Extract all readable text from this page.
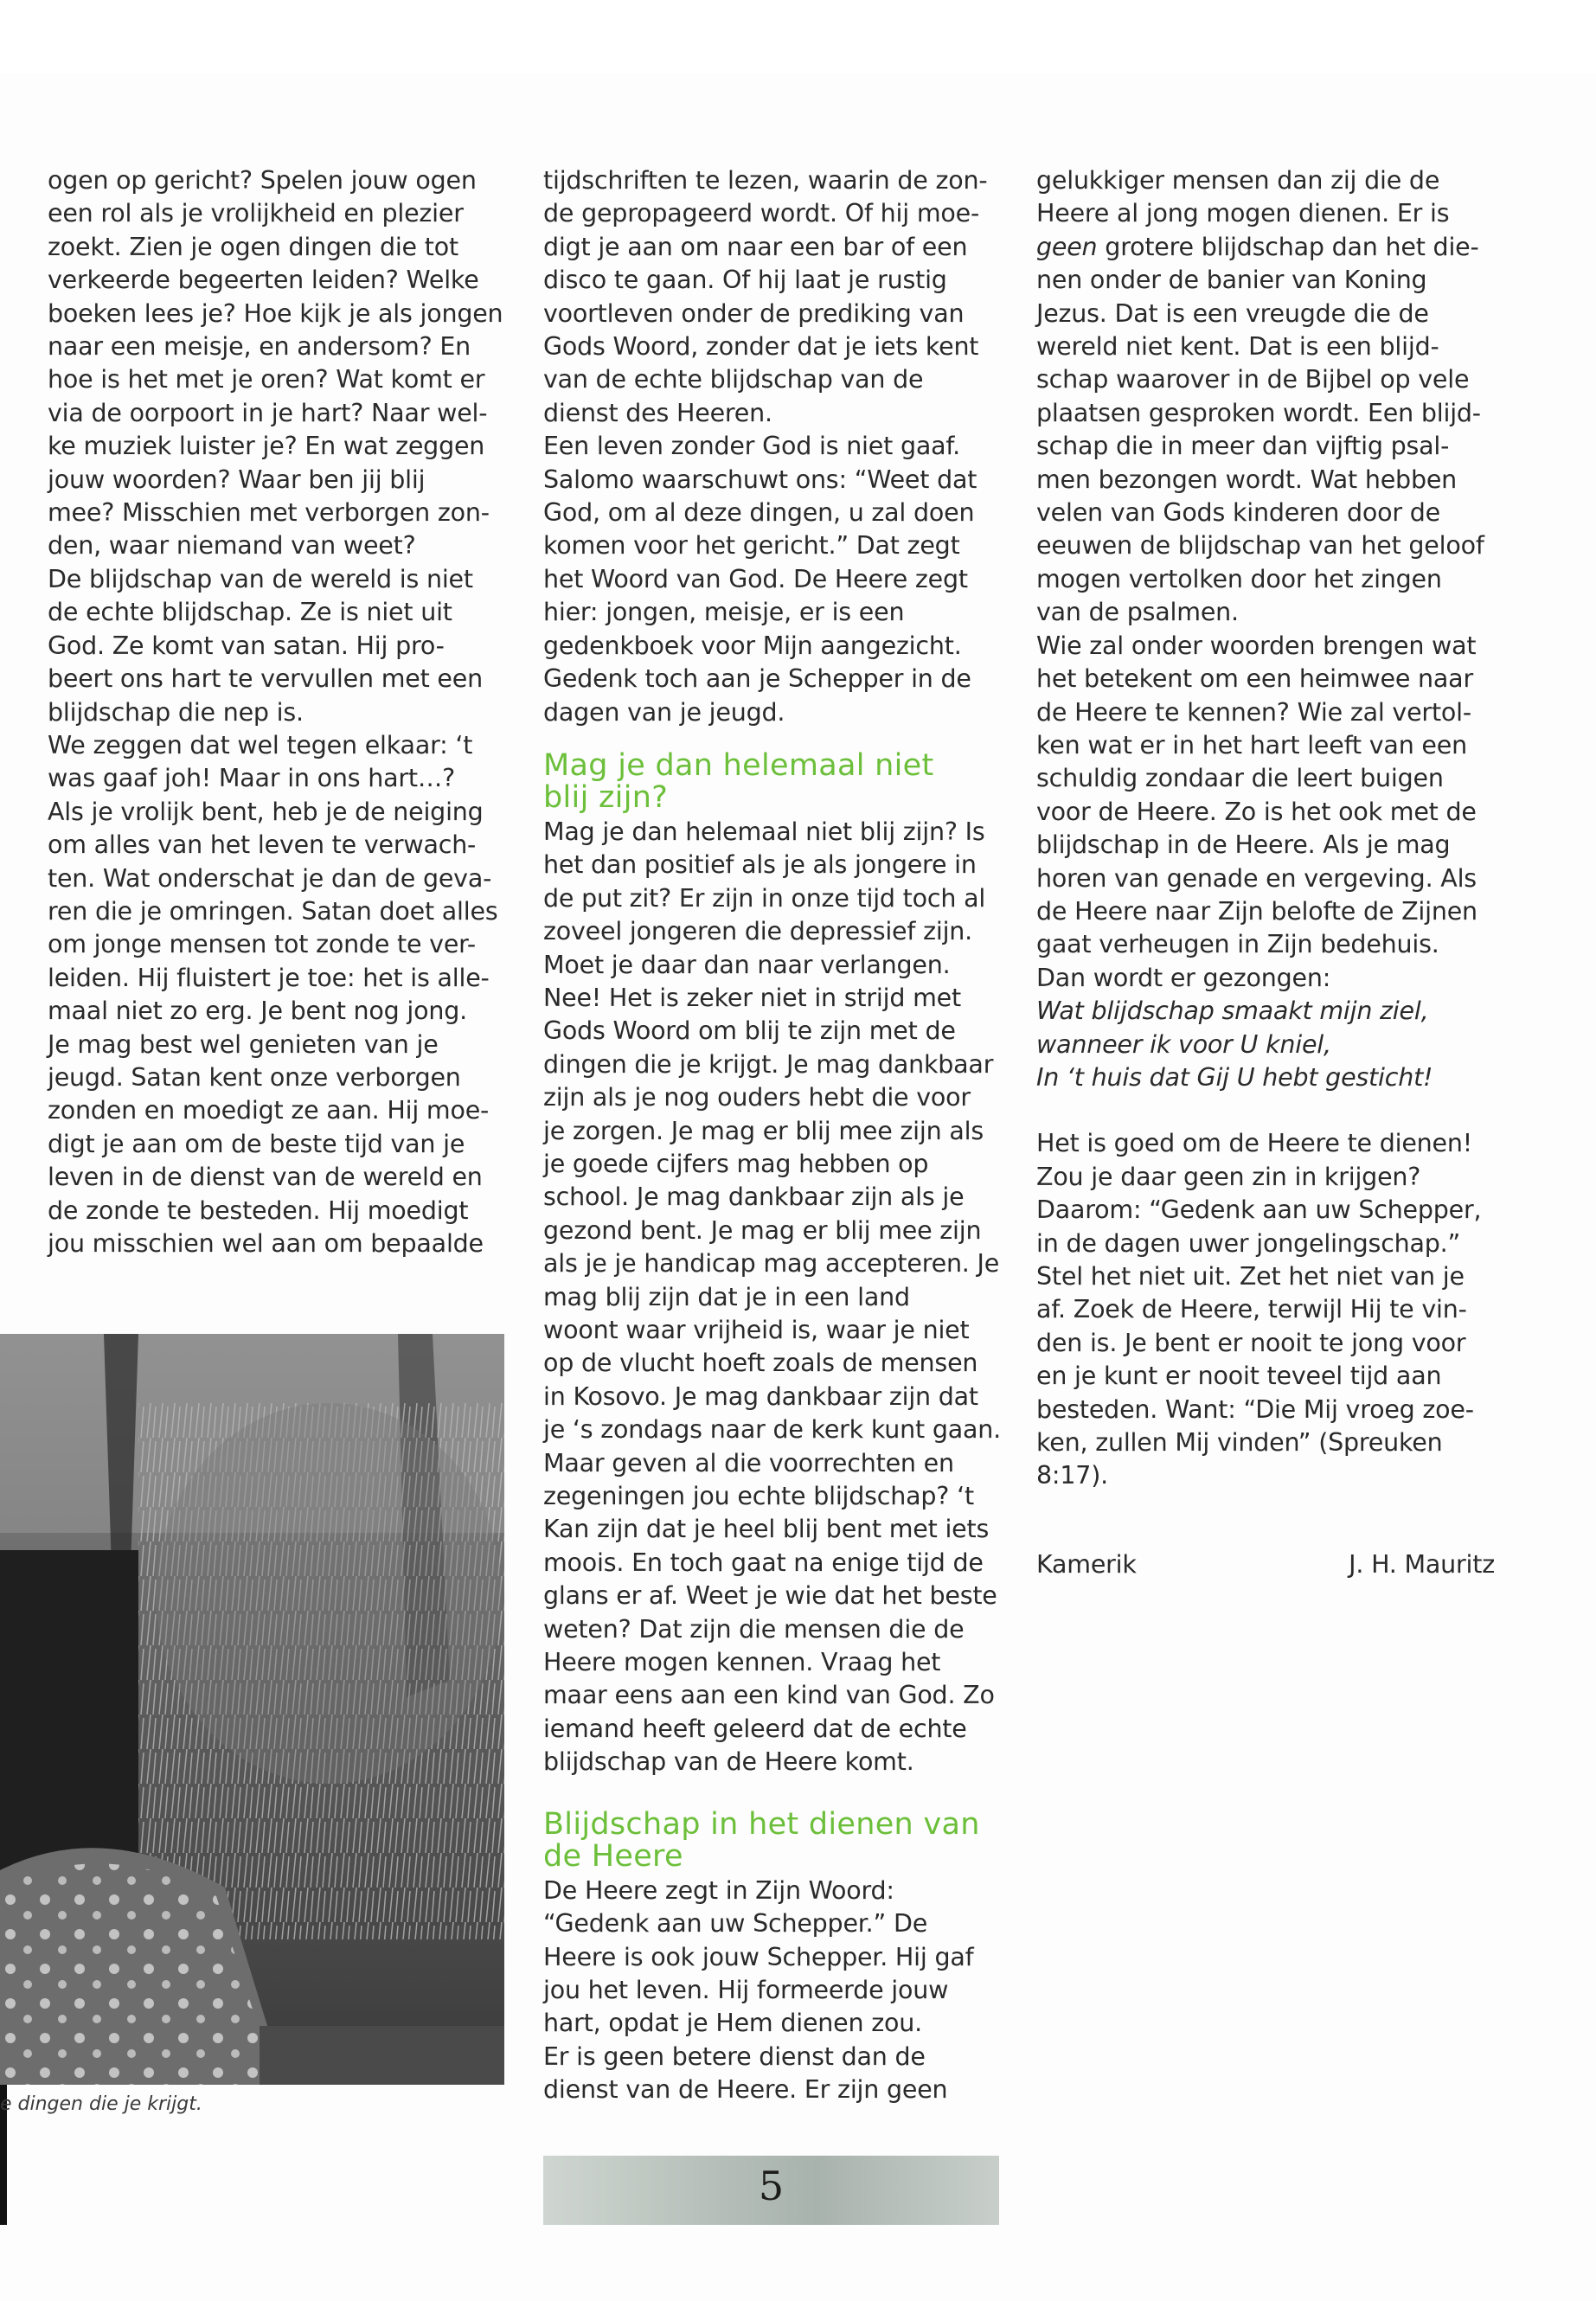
ogen op gericht? Spelen jouw ogen
een rol als je vrolijkheid en plezier
zoekt. Zien je ogen dingen die tot
verkeerde begeerten leiden? Welke
boeken lees je? Hoe kijk je als jongen
naar een meisje, en andersom? En
hoe is het met je oren? Wat komt er
via de oorpoort in je hart? Naar wel-
ke muziek luister je? En wat zeggen
jouw woorden? Waar ben jij blij
mee? Misschien met verborgen zon-
den, waar niemand van weet?
De blijdschap van de wereld is niet
de echte blijdschap. Ze is niet uit
God. Ze komt van satan. Hij pro-
beert ons hart te vervullen met een
blijdschap die nep is.
We zeggen dat wel tegen elkaar: ‘t
was gaaf joh! Maar in ons hart…?
Als je vrolijk bent, heb je de neiging
om alles van het leven te verwach-
ten. Wat onderschat je dan de geva-
ren die je omringen. Satan doet alles
om jonge mensen tot zonde te ver-
leiden. Hij fluistert je toe: het is alle-
maal niet zo erg. Je bent nog jong.
Je mag best wel genieten van je
jeugd. Satan kent onze verborgen
zonden en moedigt ze aan. Hij moe-
digt je aan om de beste tijd van je
leven in de dienst van de wereld en
de zonde te besteden. Hij moedigt
jou misschien wel aan om bepaalde
tijdschriften te lezen, waarin de zon-
de gepropageerd wordt. Of hij moe-
digt je aan om naar een bar of een
disco te gaan. Of hij laat je rustig
voortleven onder de prediking van
Gods Woord, zonder dat je iets kent
van de echte blijdschap van de
dienst des Heeren.
Een leven zonder God is niet gaaf.
Salomo waarschuwt ons: “Weet dat
God, om al deze dingen, u zal doen
komen voor het gericht.” Dat zegt
het Woord van God. De Heere zegt
hier: jongen, meisje, er is een
gedenkboek voor Mijn aangezicht.
Gedenk toch aan je Schepper in de
dagen van je jeugd.
Mag je dan helemaal niet
blij zijn?
Mag je dan helemaal niet blij zijn? Is
het dan positief als je als jongere in
de put zit? Er zijn in onze tijd toch al
zoveel jongeren die depressief zijn.
Moet je daar dan naar verlangen.
Nee! Het is zeker niet in strijd met
Gods Woord om blij te zijn met de
dingen die je krijgt. Je mag dankbaar
zijn als je nog ouders hebt die voor
je zorgen. Je mag er blij mee zijn als
je goede cijfers mag hebben op
school. Je mag dankbaar zijn als je
gezond bent. Je mag er blij mee zijn
als je je handicap mag accepteren. Je
mag blij zijn dat je in een land
woont waar vrijheid is, waar je niet
op de vlucht hoeft zoals de mensen
in Kosovo. Je mag dankbaar zijn dat
je ‘s zondags naar de kerk kunt gaan.
Maar geven al die voorrechten en
zegeningen jou echte blijdschap? ‘t
Kan zijn dat je heel blij bent met iets
moois. En toch gaat na enige tijd de
glans er af. Weet je wie dat het beste
weten? Dat zijn die mensen die de
Heere mogen kennen. Vraag het
maar eens aan een kind van God. Zo
iemand heeft geleerd dat de echte
blijdschap van de Heere komt.
Blijdschap in het dienen van
de Heere
De Heere zegt in Zijn Woord:
“Gedenk aan uw Schepper.” De
Heere is ook jouw Schepper. Hij gaf
jou het leven. Hij formeerde jouw
hart, opdat je Hem dienen zou.
Er is geen betere dienst dan de
dienst van de Heere. Er zijn geen
gelukkiger mensen dan zij die de
Heere al jong mogen dienen. Er is
geen grotere blijdschap dan het die-
nen onder de banier van Koning
Jezus. Dat is een vreugde die de
wereld niet kent. Dat is een blijd-
schap waarover in de Bijbel op vele
plaatsen gesproken wordt. Een blijd-
schap die in meer dan vijftig psal-
men bezongen wordt. Wat hebben
velen van Gods kinderen door de
eeuwen de blijdschap van het geloof
mogen vertolken door het zingen
van de psalmen.
Wie zal onder woorden brengen wat
het betekent om een heimwee naar
de Heere te kennen? Wie zal vertol-
ken wat er in het hart leeft van een
schuldig zondaar die leert buigen
voor de Heere. Zo is het ook met de
blijdschap in de Heere. Als je mag
horen van genade en vergeving. Als
de Heere naar Zijn belofte de Zijnen
gaat verheugen in Zijn bedehuis.
Dan wordt er gezongen:
Wat blijdschap smaakt mijn ziel,
wanneer ik voor U kniel,
In ‘t huis dat Gij U hebt gesticht!
Het is goed om de Heere te dienen!
Zou je daar geen zin in krijgen?
Daarom: “Gedenk aan uw Schepper,
in de dagen uwer jongelingschap.”
Stel het niet uit. Zet het niet van je
af. Zoek de Heere, terwijl Hij te vin-
den is. Je bent er nooit te jong voor
en je kunt er nooit teveel tijd aan
besteden. Want: “Die Mij vroeg zoe-
ken, zullen Mij vinden” (Spreuken
8:17).
Kamerik	J. H. Mauritz
e dingen die je krijgt.
5
